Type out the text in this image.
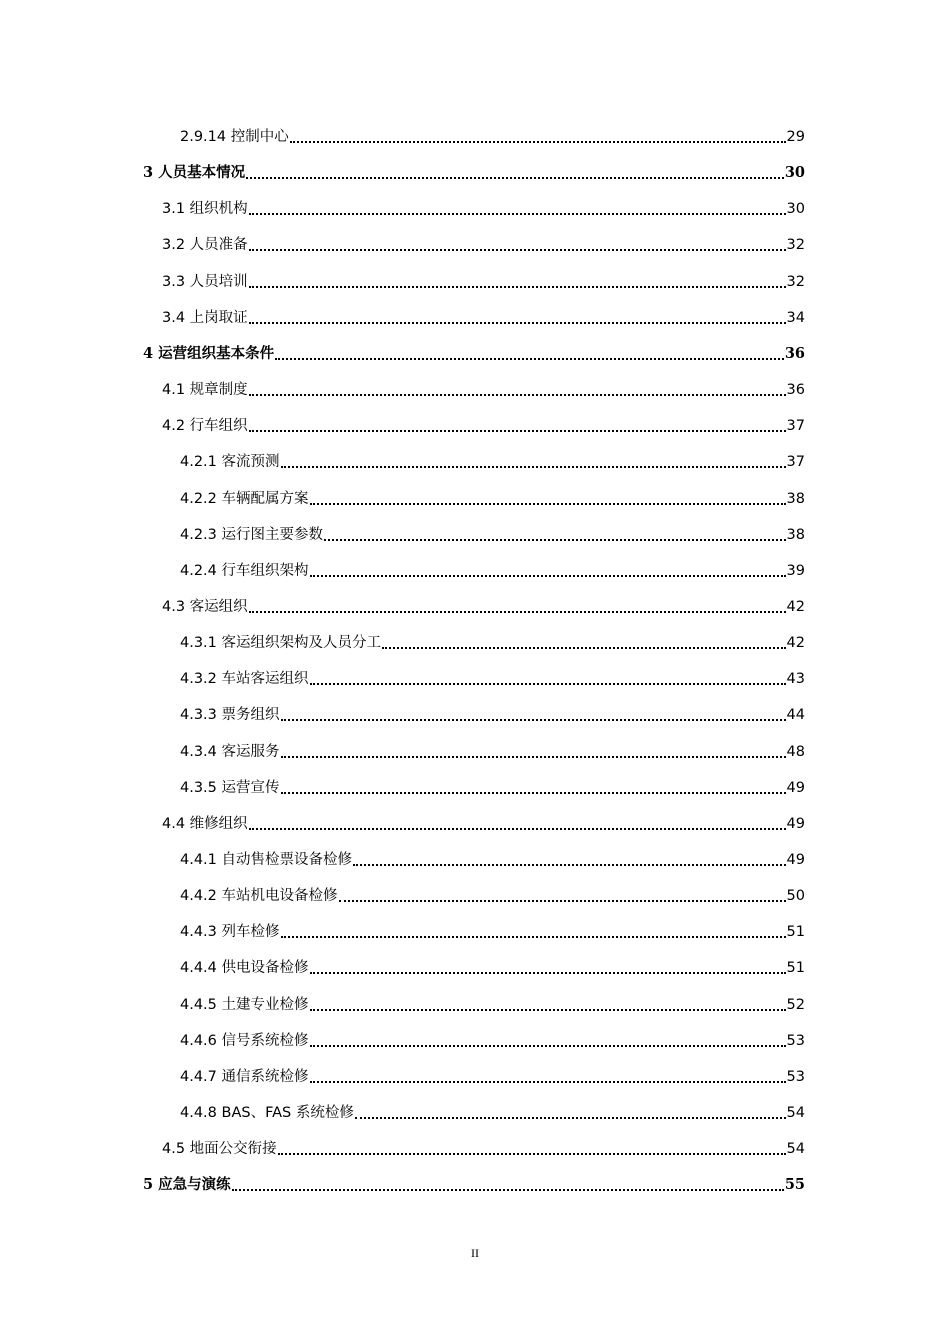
2.9.14 控制中心	29
3 人员基本情况	30
3.1 组织机构	30
3.2 人员准备	32
3.3 人员培训	32
3.4 上岗取证	34
4 运营组织基本条件	36
4.1 规章制度	36
4.2 行车组织	37
4.2.1 客流预测	37
4.2.2 车辆配属方案	38
4.2.3 运行图主要参数	38
4.2.4 行车组织架构	39
4.3 客运组织	42
4.3.1 客运组织架构及人员分工	42
4.3.2 车站客运组织	43
4.3.3 票务组织	44
4.3.4 客运服务	48
4.3.5 运营宣传	49
4.4 维修组织	49
4.4.1 自动售检票设备检修	49
4.4.2 车站机电设备检修	50
4.4.3 列车检修	51
4.4.4 供电设备检修	51
4.4.5 土建专业检修	52
4.4.6 信号系统检修	53
4.4.7 通信系统检修	53
4.4.8 BAS、FAS 系统检修	54
4.5 地面公交衔接	54
5 应急与演练	55
II
